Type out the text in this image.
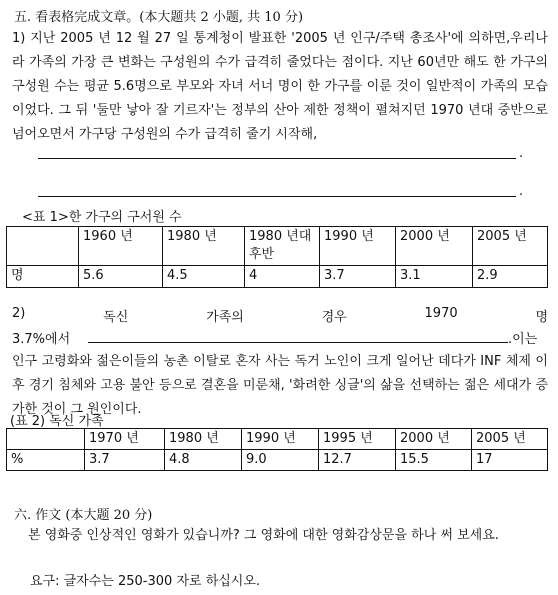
五. 看表格完成文章。(本大题共 2 小题, 共 10 分)
1) 지난 2005 년 12 월 27 일 통계청이 발표한 '2005 년 인구/주택 총조사'에 의하면,우리나라 가족의 가장 큰 변화는 구성원의 수가 급격히 줄었다는 점이다. 지난 60년만 해도 한 가구의 구성원 수는 평균 5.6명으로 부모와 자녀 서너 명이 한 가구를 이룬 것이 일반적이 가족의 모습이었다. 그 뒤 '둘만 낳아 잘 기르자'는 정부의 산아 제한 정책이 펼쳐지던 1970 년대 중반으로 넘어오면서 가구당 구성원의 수가 급격히 줄기 시작해,
.
.
<표 1>한 가구의 구서원 수
	1960 년	1980 년	1980 년대 후반	1990 년	2000 년	2005 년
명	5.6	4.5	4	3.7	3.1	2.9
2)	독신	가족의	경우	1970	명
3.7%에서	.이는
인구 고령화와 젊은이들의 농촌 이탈로 혼자 사는 독거 노인이 크게 일어난 데다가 INF 체제 이후 경기 침체와 고용 불안 등으로 결혼을 미룬채, '화려한 싱글'의 삶을 선택하는 젊은 세대가 증가한 것이 그 원인이다.
(표 2) 독신 가족
	1970 년	1980 년	1990 년	1995 년	2000 년	2005 년
%	3.7	4.8	9.0	12.7	15.5	17
六. 作文 (本大题 20 分)
본 영화중 인상적인 영화가 있습니까? 그 영화에 대한 영화감상문을 하나 써 보세요.
요구: 글자수는 250-300 자로 하십시오.
